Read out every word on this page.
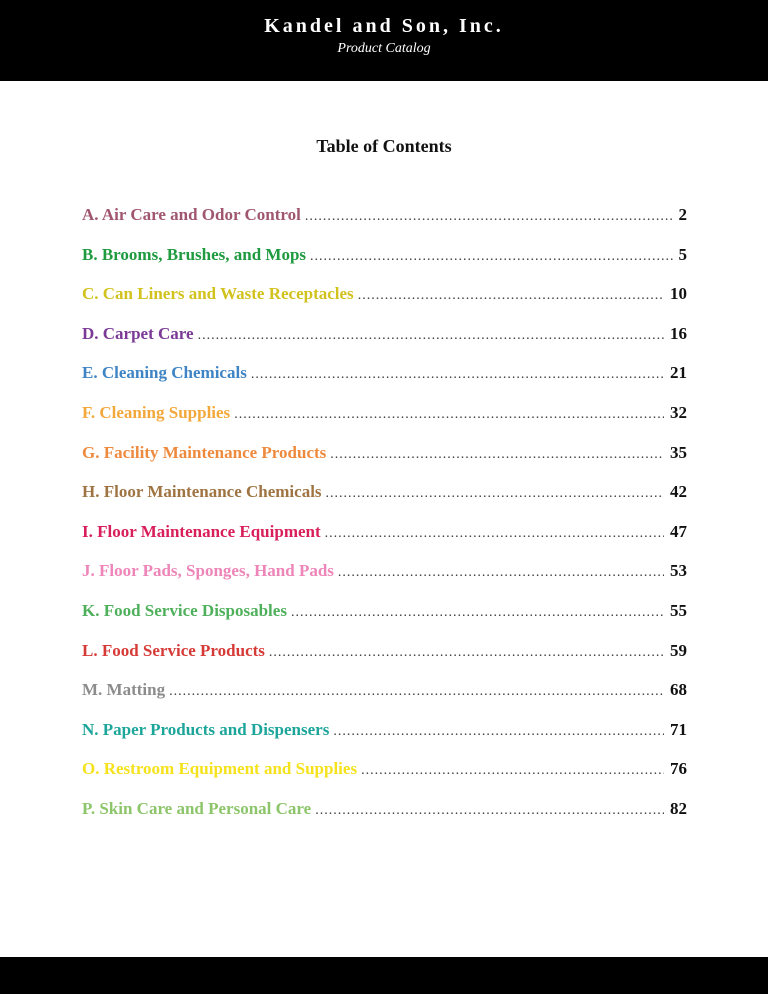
Kandel and Son, Inc.
Product Catalog
Table of Contents
A. Air Care and Odor Control .....	2
B. Brooms, Brushes, and Mops .....	5
C. Can Liners and Waste Receptacles .....	10
D. Carpet Care .....	16
E. Cleaning Chemicals .....	21
F. Cleaning Supplies .....	32
G. Facility Maintenance Products .....	35
H. Floor Maintenance Chemicals .....	42
I. Floor Maintenance Equipment .....	47
J. Floor Pads, Sponges, Hand Pads .....	53
K. Food Service Disposables .....	55
L. Food Service Products .....	59
M. Matting .....	68
N. Paper Products and Dispensers .....	71
O. Restroom Equipment and Supplies .....	76
P. Skin Care and Personal Care .....	82
